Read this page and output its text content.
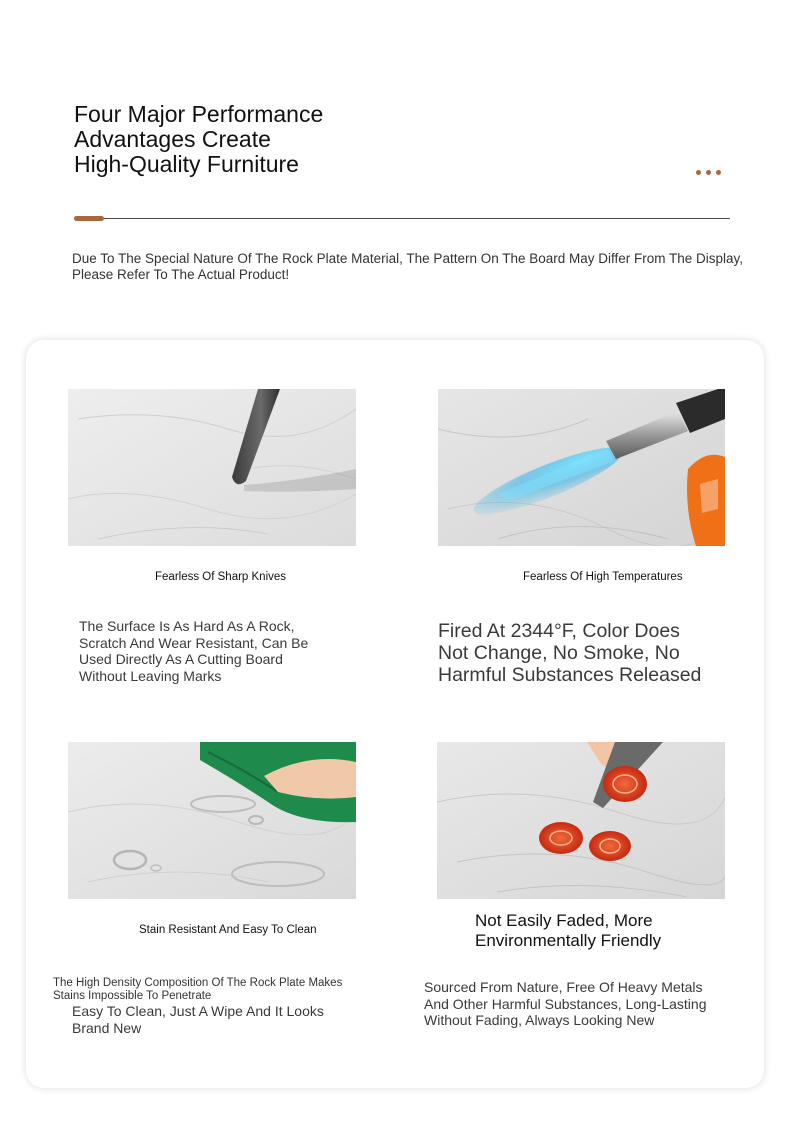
Four Major Performance
Advantages Create
High-Quality Furniture

Due To The Special Nature Of The Rock Plate Material, The Pattern On The Board May Differ From The Display,
Please Refer To The Actual Product!

Fearless Of Sharp Knives

The Surface Is As Hard As A Rock,
Scratch And Wear Resistant, Can Be
Used Directly As A Cutting Board
Without Leaving Marks

Fearless Of High Temperatures

Fired At 2344°F, Color Does
Not Change, No Smoke, No
Harmful Substances Released

Stain Resistant And Easy To Clean

The High Density Composition Of The Rock Plate Makes
Stains Impossible To Penetrate

Easy To Clean, Just A Wipe And It Looks
Brand New

Not Easily Faded, More
Environmentally Friendly

Sourced From Nature, Free Of Heavy Metals
And Other Harmful Substances, Long-Lasting
Without Fading, Always Looking New
